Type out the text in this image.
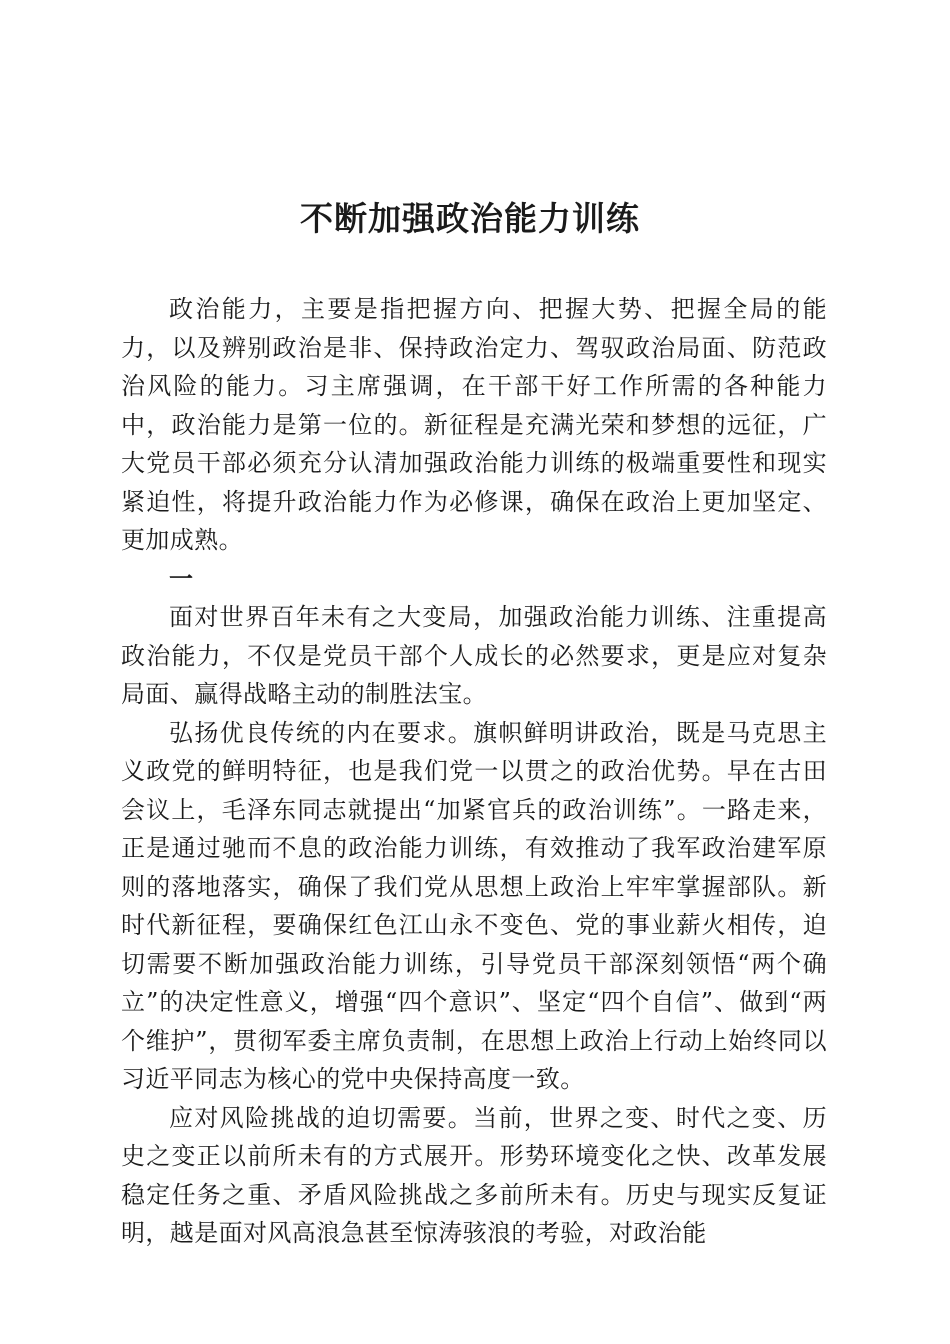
不断加强政治能力训练

政治能力，主要是指把握方向、把握大势、把握全局的能力，以及辨别政治是非、保持政治定力、驾驭政治局面、防范政治风险的能力。习主席强调，在干部干好工作所需的各种能力中，政治能力是第一位的。新征程是充满光荣和梦想的远征，广大党员干部必须充分认清加强政治能力训练的极端重要性和现实紧迫性，将提升政治能力作为必修课，确保在政治上更加坚定、更加成熟。

一

面对世界百年未有之大变局，加强政治能力训练、注重提高政治能力，不仅是党员干部个人成长的必然要求，更是应对复杂局面、赢得战略主动的制胜法宝。

弘扬优良传统的内在要求。旗帜鲜明讲政治，既是马克思主义政党的鲜明特征，也是我们党一以贯之的政治优势。早在古田会议上，毛泽东同志就提出“加紧官兵的政治训练”。一路走来，正是通过驰而不息的政治能力训练，有效推动了我军政治建军原则的落地落实，确保了我们党从思想上政治上牢牢掌握部队。新时代新征程，要确保红色江山永不变色、党的事业薪火相传，迫切需要不断加强政治能力训练，引导党员干部深刻领悟“两个确立”的决定性意义，增强“四个意识”、坚定“四个自信”、做到“两个维护”，贯彻军委主席负责制，在思想上政治上行动上始终同以习近平同志为核心的党中央保持高度一致。

应对风险挑战的迫切需要。当前，世界之变、时代之变、历史之变正以前所未有的方式展开。形势环境变化之快、改革发展稳定任务之重、矛盾风险挑战之多前所未有。历史与现实反复证明，越是面对风高浪急甚至惊涛骇浪的考验，对政治能
